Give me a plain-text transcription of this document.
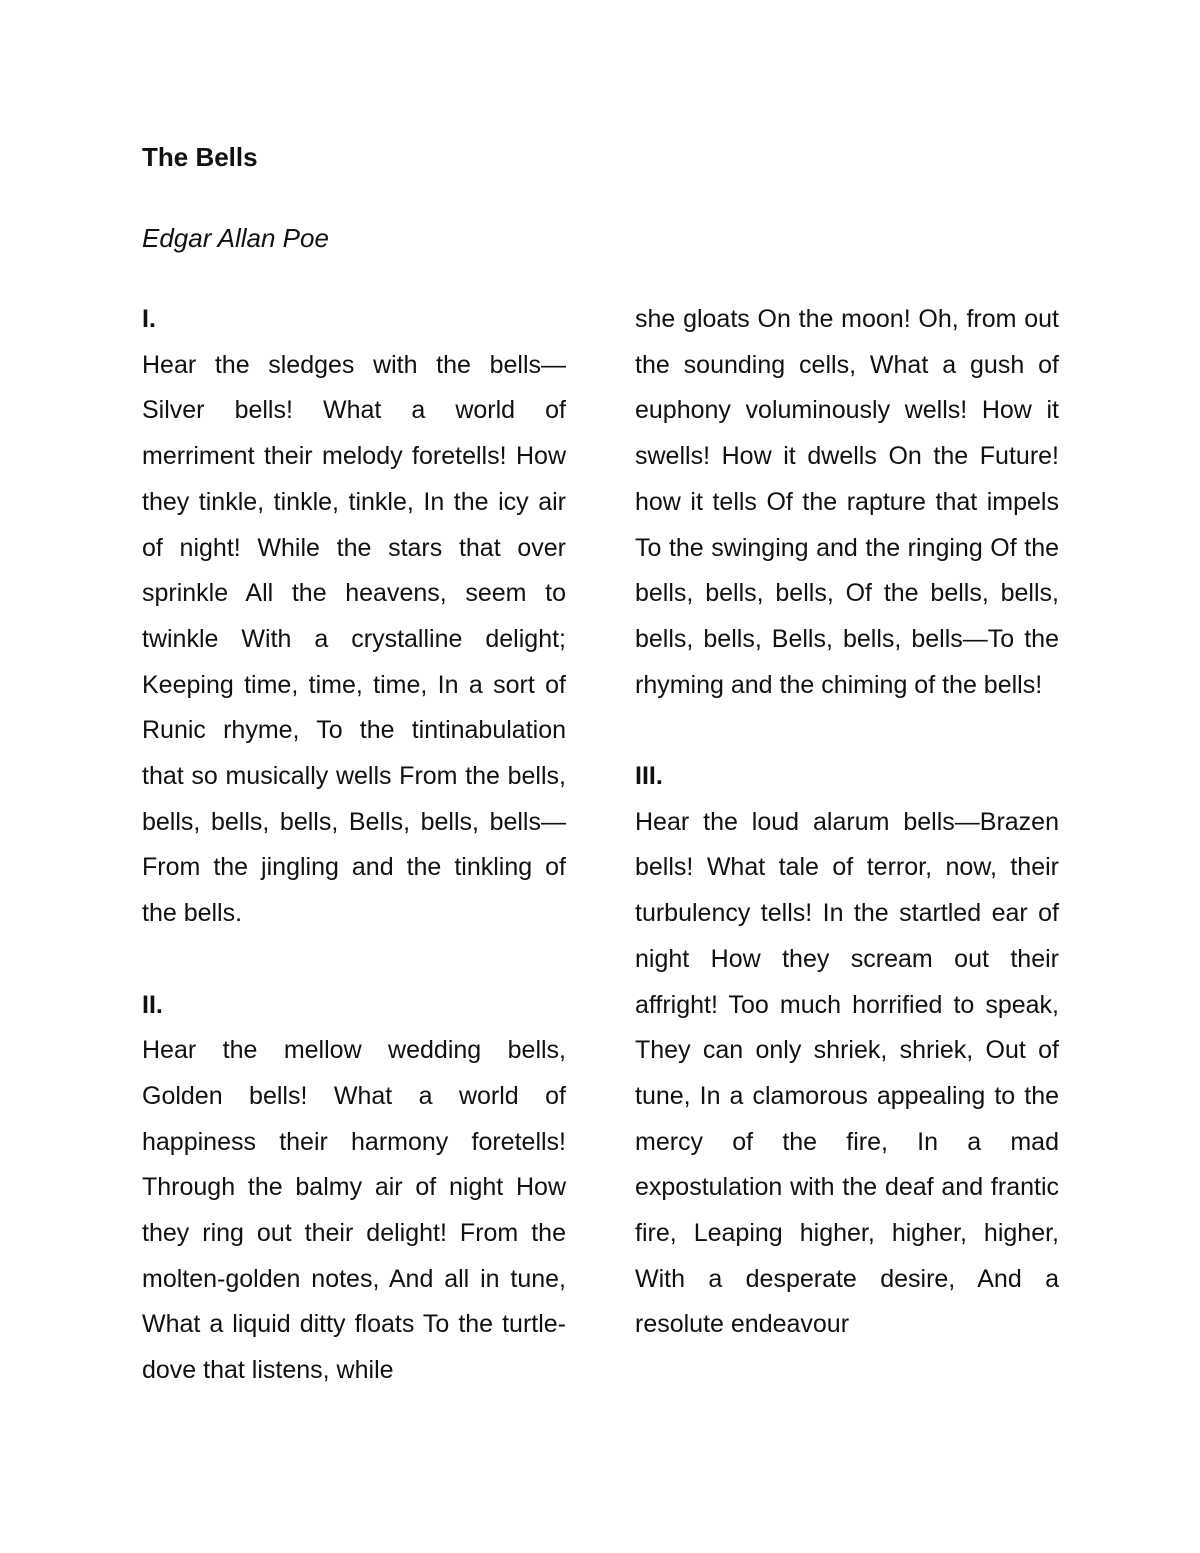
The Bells

Edgar Allan Poe

I.

Hear the sledges with the bells— Silver bells! What a world of merriment their melody foretells! How they tinkle, tinkle, tinkle, In the icy air of night! While the stars that over sprinkle All the heavens, seem to twinkle With a crystalline delight; Keeping time, time, time, In a sort of Runic rhyme, To the tintinabulation that so musically wells From the bells, bells, bells, bells, Bells, bells, bells—From the jingling and the tinkling of the bells.

II.

Hear the mellow wedding bells, Golden bells! What a world of happiness their harmony foretells! Through the balmy air of night How they ring out their delight! From the molten-golden notes, And all in tune, What a liquid ditty floats To the turtle-dove that listens, while

she gloats On the moon! Oh, from out the sounding cells, What a gush of euphony voluminously wells! How it swells! How it dwells On the Future! how it tells Of the rapture that impels To the swinging and the ringing Of the bells, bells, bells, Of the bells, bells, bells, bells, Bells, bells, bells—To the rhyming and the chiming of the bells!

III.

Hear the loud alarum bells—Brazen bells! What tale of terror, now, their turbulency tells! In the startled ear of night How they scream out their affright! Too much horrified to speak, They can only shriek, shriek, Out of tune, In a clamorous appealing to the mercy of the fire, In a mad expostulation with the deaf and frantic fire, Leaping higher, higher, higher, With a desperate desire, And a resolute endeavour
